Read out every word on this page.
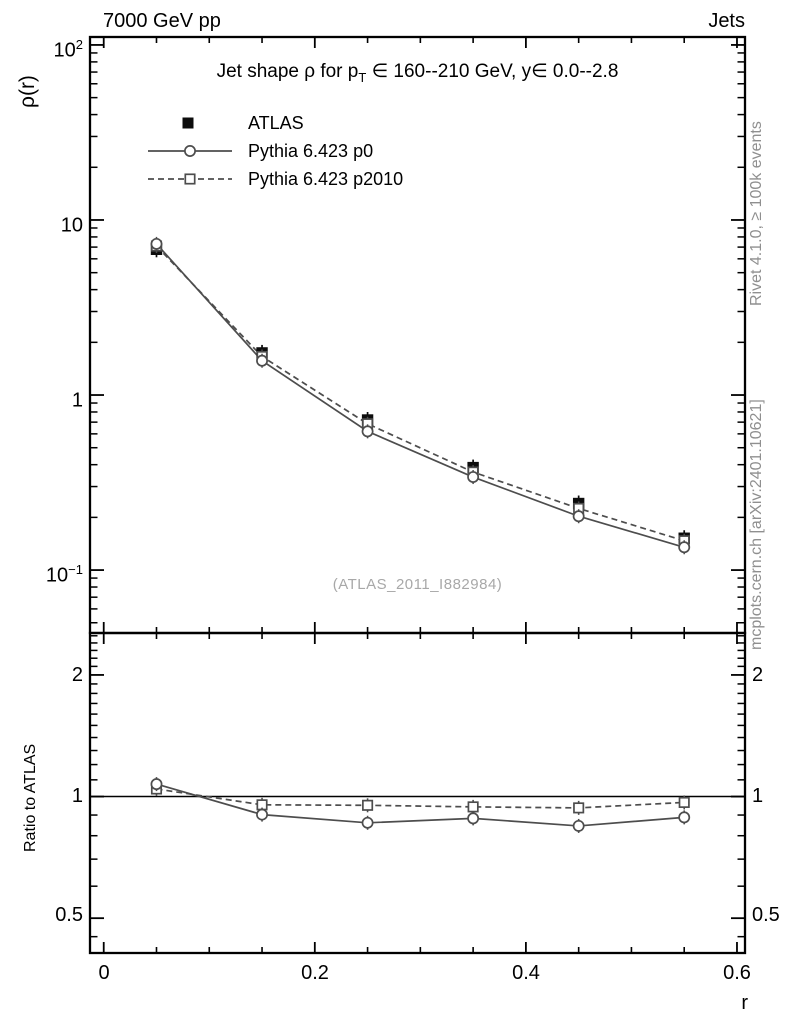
7000 GeV pp	Jets
ρ(r)
$10^2$
10
1
$10^{-1}$
Jet shape ρ for $p_T$ ∈ 160--210 GeV, y∈ 0.0--2.8
ATLAS
Pythia 6.423 p0
Pythia 6.423 p2010
(ATLAS_2011_I882984)
Rivet 4.1.0, ≥ 100k events
mcplots.cern.ch [arXiv:2401.10621]
Ratio to ATLAS
2
1
0.5
2
1
0.5
0	0.2	0.4	0.6
r
